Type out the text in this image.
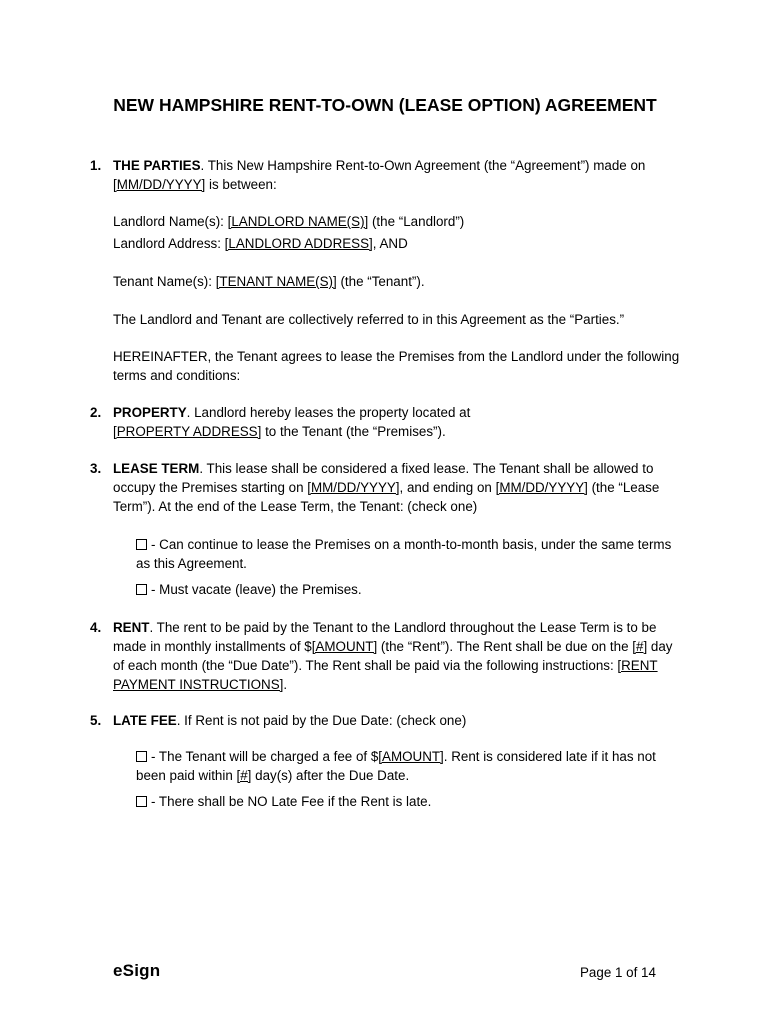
NEW HAMPSHIRE RENT-TO-OWN (LEASE OPTION) AGREEMENT
1. THE PARTIES. This New Hampshire Rent-to-Own Agreement (the “Agreement”) made on [MM/DD/YYYY] is between:
Landlord Name(s): [LANDLORD NAME(S)] (the “Landlord”)
Landlord Address: [LANDLORD ADDRESS], AND
Tenant Name(s): [TENANT NAME(S)] (the “Tenant”).
The Landlord and Tenant are collectively referred to in this Agreement as the “Parties.”
HEREINAFTER, the Tenant agrees to lease the Premises from the Landlord under the following terms and conditions:
2. PROPERTY. Landlord hereby leases the property located at [PROPERTY ADDRESS] to the Tenant (the “Premises”).
3. LEASE TERM. This lease shall be considered a fixed lease. The Tenant shall be allowed to occupy the Premises starting on [MM/DD/YYYY], and ending on [MM/DD/YYYY] (the “Lease Term”). At the end of the Lease Term, the Tenant: (check one)
- Can continue to lease the Premises on a month-to-month basis, under the same terms as this Agreement.
- Must vacate (leave) the Premises.
4. RENT. The rent to be paid by the Tenant to the Landlord throughout the Lease Term is to be made in monthly installments of $[AMOUNT] (the “Rent”). The Rent shall be due on the [#] day of each month (the “Due Date”). The Rent shall be paid via the following instructions: [RENT PAYMENT INSTRUCTIONS].
5. LATE FEE. If Rent is not paid by the Due Date: (check one)
- The Tenant will be charged a fee of $[AMOUNT]. Rent is considered late if it has not been paid within [#] day(s) after the Due Date.
- There shall be NO Late Fee if the Rent is late.
eSign	Page 1 of 14
